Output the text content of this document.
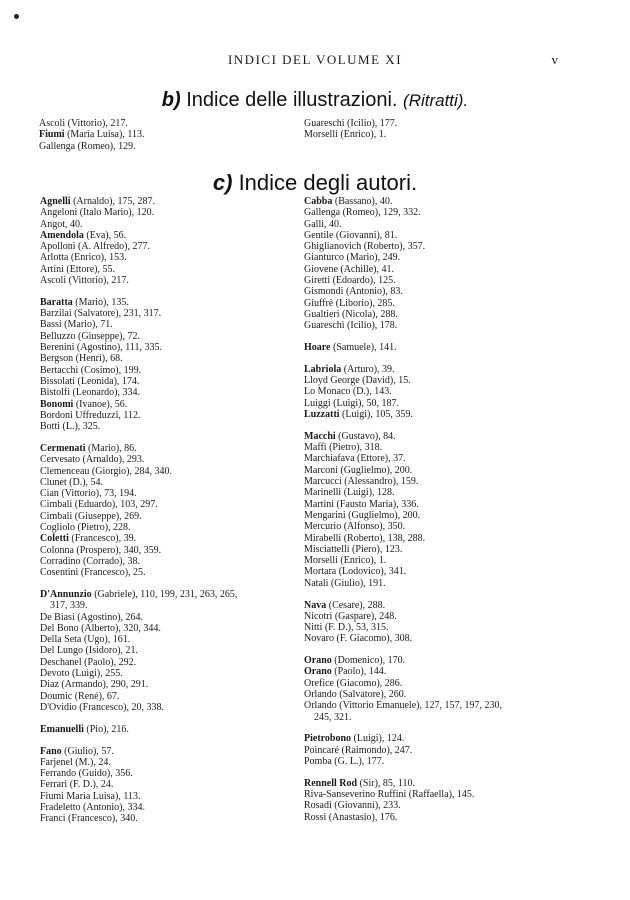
INDICI DEL VOLUME XI	v
b) Indice delle illustrazioni. (Ritratti).
Ascoli (Vittorio), 217.
Fiumi (Maria Luisa), 113.
Gallenga (Romeo), 129.
Guareschi (Icilio), 177.
Morselli (Enrico), 1.
c) Indice degli autori.
Agnelli (Arnaldo), 175, 287.
Angeloni (Italo Mario), 120.
Angot, 40.
Amendola (Eva), 56.
Apolloni (A. Alfredo), 277.
Arlotta (Enrico), 153.
Artini (Ettore), 55.
Ascoli (Vittorio), 217.
Baratta (Mario), 135.
Barzilai (Salvatore), 231, 317.
Bassi (Mario), 71.
Belluzzo (Giuseppe), 72.
Berenini (Agostino), 111, 335.
Bergson (Henri), 68.
Bertacchi (Cosimo), 199.
Bissolati (Leonida), 174.
Bistolfi (Leonardo), 334.
Bonomi (Ivanoe), 56.
Bordoni Uffreduzzi, 112.
Botti (L.), 325.
Cermenati (Mario), 86.
Cervesato (Arnaldo), 293.
Clemenceau (Giorgio), 284, 340.
Clunet (D.), 54.
Cian (Vittorio), 73, 194.
Cimbali (Eduardo), 103, 297.
Cimbali (Giuseppe), 269.
Cogliolo (Pietro), 228.
Coletti (Francesco), 39.
Colonna (Prospero), 340, 359.
Corradino (Corrado), 38.
Cosentini (Francesco), 25.
D'Annunzio (Gabriele), 110, 199, 231, 263, 265,
317, 339.
De Biasi (Agostino), 264.
Del Bono (Alberto), 320, 344.
Della Seta (Ugo), 161.
Del Lungo (Isidoro), 21.
Deschanel (Paolo), 292.
Devoto (Luigi), 255.
Diaz (Armando), 290, 291.
Doumic (René), 67.
D'Ovidio (Francesco), 20, 338.
Emanuelli (Pio), 216.
Fano (Giulio), 57.
Farjenel (M.), 24.
Ferrando (Guido), 356.
Ferrari (F. D.), 24.
Fiumi Maria Luisa), 113.
Fradeletto (Antonio), 334.
Franci (Francesco), 340.
Cabba (Bassano), 40.
Gallenga (Romeo), 129, 332.
Galli, 40.
Gentile (Giovanni), 81.
Ghiglianovich (Roberto), 357.
Gianturco (Mario), 249.
Giovene (Achille), 41.
Giretti (Edoardo), 125.
Gismondi (Antonio), 83.
Giuffrè (Liborio), 285.
Gualtieri (Nicola), 288.
Guareschi (Icilio), 178.
Hoare (Samuele), 141.
Labriola (Arturo), 39.
Lloyd George (David), 15.
Lo Monaco (D.), 143.
Luiggi (Luigi), 50, 187.
Luzzatti (Luigi), 105, 359.
Macchi (Gustavo), 84.
Maffi (Pietro), 318.
Marchiafava (Ettore), 37.
Marconi (Guglielmo), 200.
Marcucci (Alessandro), 159.
Marinelli (Luigi), 128.
Martini (Fausto Maria), 336.
Mengarini (Guglielmo), 200.
Mercurio (Alfonso), 350.
Mirabelli (Roberto), 138, 288.
Misciattelli (Piero), 123.
Morselli (Enrico), 1.
Mortara (Lodovico), 341.
Natali (Giulio), 191.
Nava (Cesare), 288.
Nicotri (Gaspare), 248.
Nitti (F. D.), 53, 315.
Novaro (F. Giacomo), 308.
Orano (Domenico), 170.
Orano (Paolo), 144.
Orefice (Giacomo), 286.
Orlando (Salvatore), 260.
Orlando (Vittorio Emanuele), 127, 157, 197, 230,
245, 321.
Pietrobono (Luigi), 124.
Poincaré (Raimondo), 247.
Pomba (G. L.), 177.
Rennell Rod (Sir), 85, 110.
Riva-Sanseverino Ruffini (Raffaella), 145.
Rosadi (Giovanni), 233.
Rossi (Anastasio), 176.
